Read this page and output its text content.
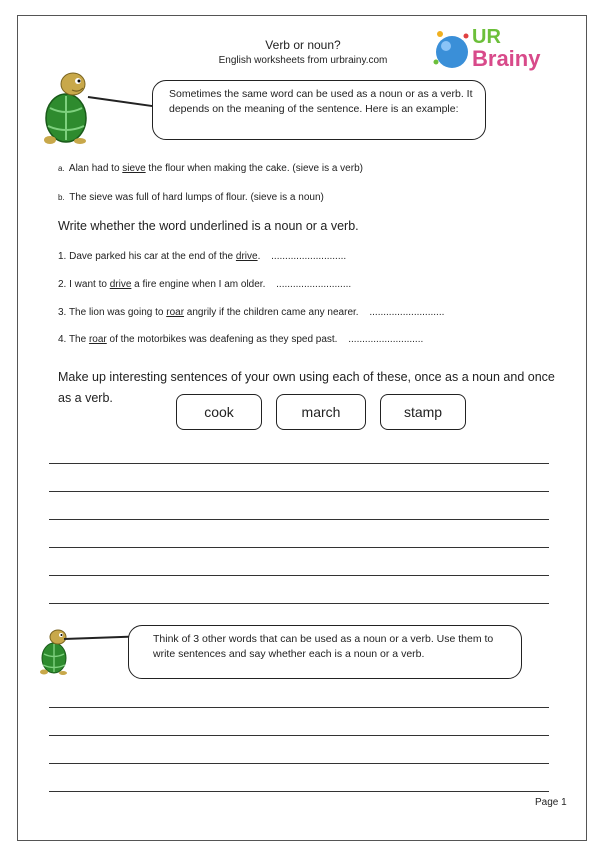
Verb or noun?
English worksheets from urbrainy.com
UR
Brainy
Sometimes the same word can be used as a noun or as a verb. It depends on the meaning of the sentence. Here is an example:
a. Alan had to sieve the flour when making the cake. (sieve is a verb)
b. The sieve was full of hard lumps of flour. (sieve is a noun)
Write whether the word underlined is a noun or a verb.
1. Dave parked his car at the end of the drive. ...........................
2. I want to drive a fire engine when I am older. ...........................
3. The lion was going to roar angrily if the children came any nearer. ...........................
4. The roar of the motorbikes was deafening as they sped past. ...........................
Make up interesting sentences of your own using each of these, once as a noun and once as a verb.
cook	march	stamp
Think of 3 other words that can be used as a noun or a verb. Use them to write sentences and say whether each is a noun or a verb.
Page 1
